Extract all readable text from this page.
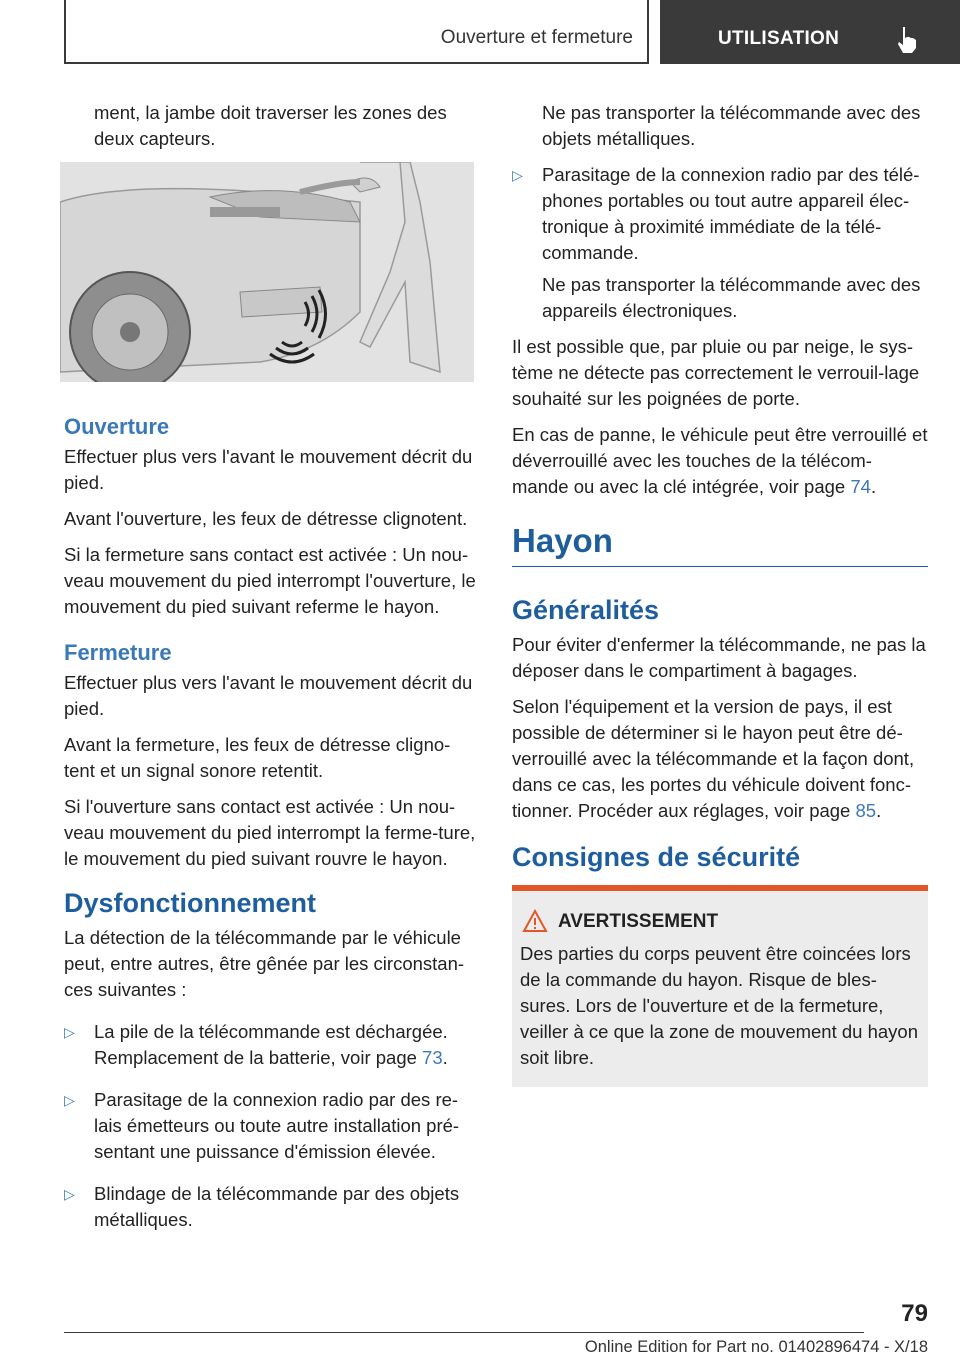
Ouverture et fermeture	UTILISATION

ment, la jambe doit traverser les zones des deux capteurs.

Ouverture

Effectuer plus vers l'avant le mouvement décrit du pied.

Avant l'ouverture, les feux de détresse clignotent.

Si la fermeture sans contact est activée : Un nou‐veau mouvement du pied interrompt l'ouverture, le mouvement du pied suivant referme le hayon.

Fermeture

Effectuer plus vers l'avant le mouvement décrit du pied.

Avant la fermeture, les feux de détresse cligno‐tent et un signal sonore retentit.

Si l'ouverture sans contact est activée : Un nou‐veau mouvement du pied interrompt la ferme‐ture, le mouvement du pied suivant rouvre le hayon.

Dysfonctionnement

La détection de la télécommande par le véhicule peut, entre autres, être gênée par les circonstan‐ces suivantes :

▷ La pile de la télécommande est déchargée. Remplacement de la batterie, voir page 73.
▷ Parasitage de la connexion radio par des re‐lais émetteurs ou toute autre installation pré‐sentant une puissance d'émission élevée.
▷ Blindage de la télécommande par des objets métalliques.

Ne pas transporter la télécommande avec des objets métalliques.

▷ Parasitage de la connexion radio par des télé‐phones portables ou tout autre appareil élec‐tronique à proximité immédiate de la télé‐commande.

Ne pas transporter la télécommande avec des appareils électroniques.

Il est possible que, par pluie ou par neige, le sys‐tème ne détecte pas correctement le verrouil‐lage souhaité sur les poignées de porte.

En cas de panne, le véhicule peut être verrouillé et déverrouillé avec les touches de la télécom‐mande ou avec la clé intégrée, voir page 74.

Hayon
Généralités

Pour éviter d'enfermer la télécommande, ne pas la déposer dans le compartiment à bagages.

Selon l'équipement et la version de pays, il est possible de déterminer si le hayon peut être dé‐verrouillé avec la télécommande et la façon dont, dans ce cas, les portes du véhicule doivent fonc‐tionner. Procéder aux réglages, voir page 85.

Consignes de sécurité
AVERTISSEMENT

Des parties du corps peuvent être coincées lors de la commande du hayon. Risque de bles‐sures. Lors de l'ouverture et de la fermeture, veiller à ce que la zone de mouvement du hayon soit libre.

79
Online Edition for Part no. 01402896474 - X/18
